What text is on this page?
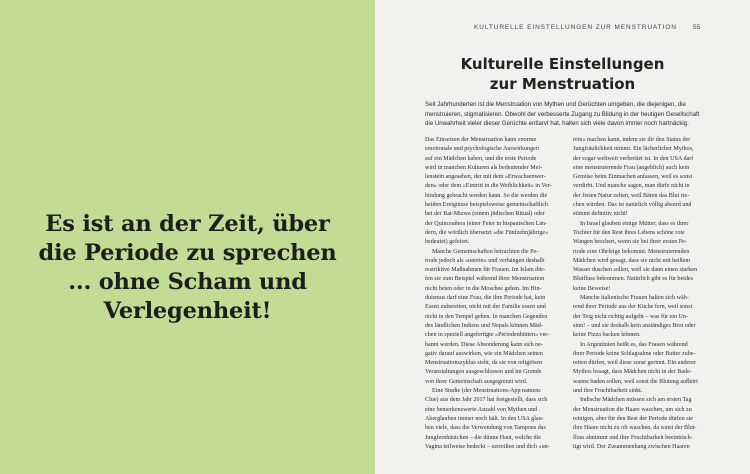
Es ist an der Zeit, über
die Periode zu sprechen
... ohne Scham und
Verlegenheit!

KULTURELLE EINSTELLUNGEN ZUR MENSTRUATION 55
Kulturelle Einstellungen
zur Menstruation
Seit Jahrhunderten ist die Menstruation von Mythen und Gerüchten umgeben, die diejenigen, die
menstruieren, stigmatisieren. Obwohl der verbesserte Zugang zu Bildung in der heutigen Gesellschaft
die Unwahrheit vieler dieser Gerüchte entlarvt hat, halten sich viele davon immer noch hartnäckig.
Das Einsetzen der Menstruation kann enorme
emotionale und psychologische Auswirkungen
auf ein Mädchen haben, und die erste Periode
wird in manchen Kulturen als bedeutender Mei-
lenstein angesehen, der mit dem »Erwachsenwer-
den« oder dem »Eintritt in die Weiblichkeit« in Ver-
bindung gebracht werden kann. So die werden die
beiden Ereignisse beispielsweise gemeinschaftlich
bei der Bat-Mizwa (einem jüdischen Ritual) oder
der Quinceañera (einer Feier in hispanischen Län-
dern, die wörtlich übersetzt »die Fünfzehnjährige«
bedeutet) gefeiert.
Manche Gemeinschaften betrachten die Pe-
riode jedoch als »unrein« und verhängen deshalb
restriktive Maßnahmen für Frauen. Im Islam dür-
fen sie zum Beispiel während ihrer Menstruation
nicht beten oder in die Moschee gehen. Im Hin-
duismus darf eine Frau, die ihre Periode hat, kein
Essen zubereiten, nicht mit der Familie essen und
nicht in den Tempel gehen. In manchen Gegenden
des ländlichen Indiens und Nepals können Mäd-
chen in speziell angefertigte »Periodenhütten« ver-
bannt werden. Diese Absonderung kann sich ne-
gativ darauf auswirken, wie ein Mädchen seinen
Menstruationszyklus sieht, da sie von religiösen
Veranstaltungen ausgeschlossen und im Grunde
von ihrer Gemeinschaft ausgegrenzt wird.
Eine Studie (der Menstruations-App namens
Clue) aus dem Jahr 2017 hat festgestellt, dass sich
eine bemerkenswerte Anzahl von Mythen und
Aberglauben immer noch hält. In den USA glau-
ben viele, dass die Verwendung von Tampons das
Jungfernhäutchen – die dünne Haut, welche die
Vagina teilweise bedeckt – zerreißen und dich »un-
rein« machen kann, indem sie dir den Status der
Jungfräulichkeit nimmt. Ein lächerlicher Mythos,
der sogar weltweit verbreitet ist. In den USA darf
eine menstruierende Frau (angeblich) auch kein
Gemüse beim Einmachen anfassen, weil es sonst
verdirbt. Und manche sagen, man dürfe nicht in
der freien Natur zelten, weil Bären das Blut rie-
chen würden. Das ist natürlich völlig absurd und
stimmt definitiv nicht!
In Israel glauben einige Mütter, dass es ihrer
Tochter für den Rest ihres Lebens schöne rote
Wangen beschert, wenn sie bei ihrer ersten Pe-
riode eine Ohrfeige bekommt. Menstruierenden
Mädchen wird gesagt, dass sie nicht mit heißem
Wasser duschen sollen, weil sie dann einen starken
Blutfluss bekommen. Natürlich gibt es für beides
keine Beweise!
Manche italienische Frauen halten sich wäh-
rend ihrer Periode aus der Küche fern, weil sonst
der Teig nicht richtig aufgeht – was für ein Un-
sinn! – und sie deshalb kein anständiges Brot oder
keine Pizza backen können.
In Argentinien heißt es, das Frauen während
ihrer Periode keine Schlagsahne oder Butter zube-
reiten dürfen, weil diese sonst gerinnt. Ein anderer
Mythos besagt, dass Mädchen nicht in der Bade-
wanne baden sollen, weil sonst die Blutung aufhört
und ihre Fruchtbarkeit sinkt.
Indische Mädchen müssen sich am ersten Tag
der Menstruation die Haare waschen, um sich zu
reinigen, aber für den Rest der Periode dürfen sie
ihre Haare nicht zu oft waschen, da sonst der Blut-
fluss abnimmt und ihre Fruchtbarkeit beeinträch-
tigt wird. Der Zusammenhang zwischen Haaren
